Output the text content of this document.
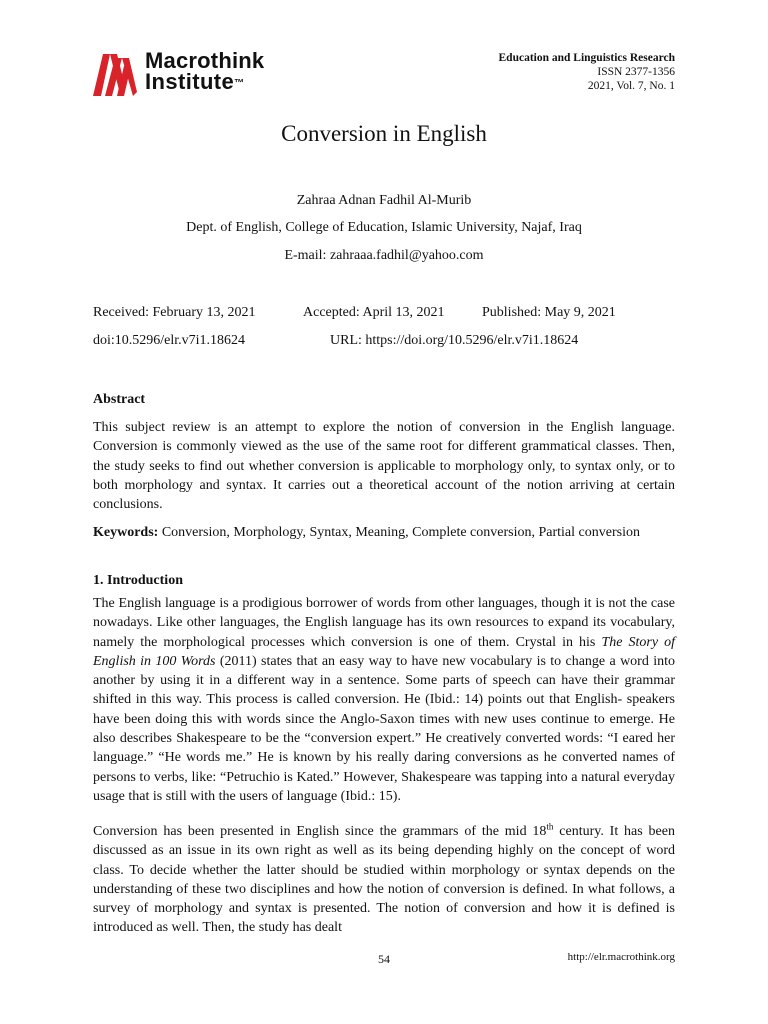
Macrothink
Institute™
Education and Linguistics Research
ISSN 2377-1356
2021, Vol. 7, No. 1
Conversion in English
Zahraa Adnan Fadhil Al-Murib
Dept. of English, College of Education, Islamic University, Najaf, Iraq
E-mail: zahraaa.fadhil@yahoo.com
Received: February 13, 2021	Accepted: April 13, 2021	Published: May 9, 2021
doi:10.5296/elr.v7i1.18624	URL: https://doi.org/10.5296/elr.v7i1.18624
Abstract
This subject review is an attempt to explore the notion of conversion in the English language. Conversion is commonly viewed as the use of the same root for different grammatical classes. Then, the study seeks to find out whether conversion is applicable to morphology only, to syntax only, or to both morphology and syntax. It carries out a theoretical account of the notion arriving at certain conclusions.
Keywords: Conversion, Morphology, Syntax, Meaning, Complete conversion, Partial conversion
1. Introduction
The English language is a prodigious borrower of words from other languages, though it is not the case nowadays. Like other languages, the English language has its own resources to expand its vocabulary, namely the morphological processes which conversion is one of them. Crystal in his The Story of English in 100 Words (2011) states that an easy way to have new vocabulary is to change a word into another by using it in a different way in a sentence. Some parts of speech can have their grammar shifted in this way. This process is called conversion. He (Ibid.: 14) points out that English- speakers have been doing this with words since the Anglo-Saxon times with new uses continue to emerge. He also describes Shakespeare to be the “conversion expert.” He creatively converted words: “I eared her language.” “He words me.” He is known by his really daring conversions as he converted names of persons to verbs, like: “Petruchio is Kated.” However, Shakespeare was tapping into a natural everyday usage that is still with the users of language (Ibid.: 15).
Conversion has been presented in English since the grammars of the mid 18th century. It has been discussed as an issue in its own right as well as its being depending highly on the concept of word class. To decide whether the latter should be studied within morphology or syntax depends on the understanding of these two disciplines and how the notion of conversion is defined. In what follows, a survey of morphology and syntax is presented. The notion of conversion and how it is defined is introduced as well. Then, the study has dealt
54	http://elr.macrothink.org
